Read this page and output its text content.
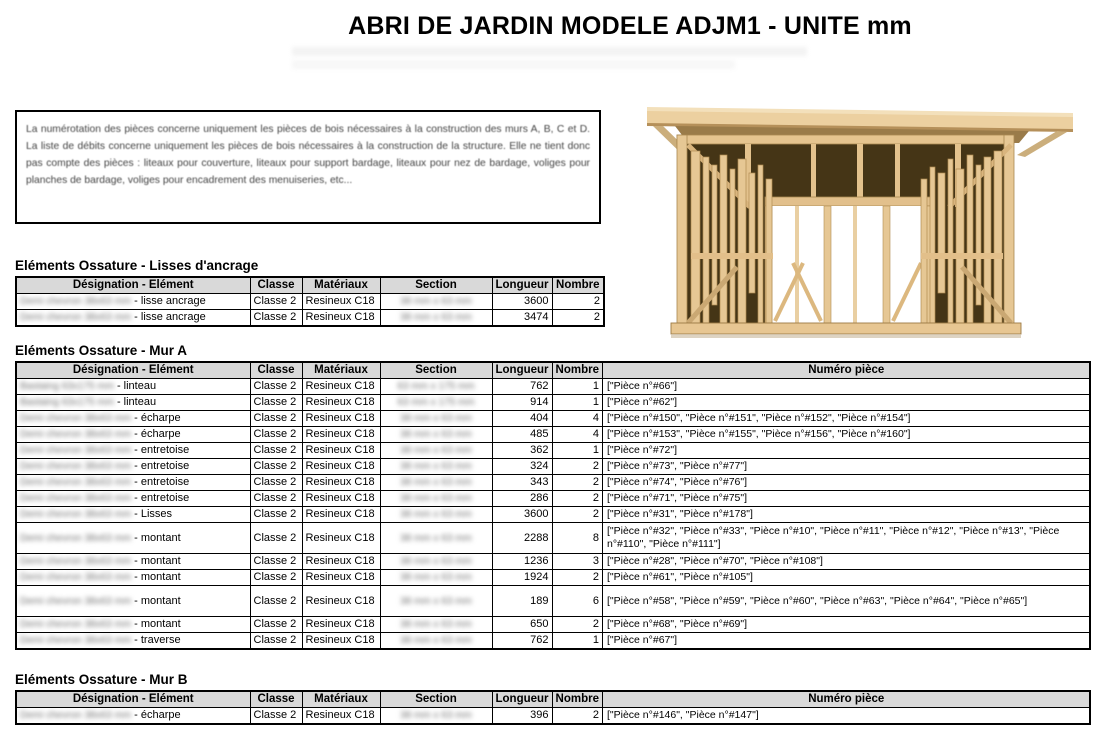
ABRI DE JARDIN MODELE ADJM1 - UNITE mm

La numérotation des pièces concerne uniquement les pièces de bois nécessaires à la construction des murs A, B, C et D. La liste de débits concerne uniquement les pièces de bois nécessaires à la construction de la structure. Elle ne tient donc pas compte des pièces : liteaux pour couverture, liteaux pour support bardage, liteaux pour nez de bardage, voliges pour planches de bardage, voliges pour encadrement des menuiseries, etc...

Eléments Ossature - Lisses d'ancrage
Désignation - Elément	Classe	Matériaux	Section	Longueur	Nombre
Demi chevron 38x63 mm - lisse ancrage	Classe 2	Resineux C18	38 mm x 63 mm	3600	2
Demi chevron 38x63 mm - lisse ancrage	Classe 2	Resineux C18	38 mm x 63 mm	3474	2
Eléments Ossature - Mur A
Désignation - Elément	Classe	Matériaux	Section	Longueur	Nombre	Numéro pièce
Bastaing 63x175 mm - linteau	Classe 2	Resineux C18	63 mm x 175 mm	762	1	["Pièce n°#66"]
Bastaing 63x175 mm - linteau	Classe 2	Resineux C18	63 mm x 175 mm	914	1	["Pièce n°#62"]
Demi chevron 38x63 mm - écharpe	Classe 2	Resineux C18	38 mm x 63 mm	404	4	["Pièce n°#150", "Pièce n°#151", "Pièce n°#152", "Pièce n°#154"]
Demi chevron 38x63 mm - écharpe	Classe 2	Resineux C18	38 mm x 63 mm	485	4	["Pièce n°#153", "Pièce n°#155", "Pièce n°#156", "Pièce n°#160"]
Demi chevron 38x63 mm - entretoise	Classe 2	Resineux C18	38 mm x 63 mm	362	1	["Pièce n°#72"]
Demi chevron 38x63 mm - entretoise	Classe 2	Resineux C18	38 mm x 63 mm	324	2	["Pièce n°#73", "Pièce n°#77"]
Demi chevron 38x63 mm - entretoise	Classe 2	Resineux C18	38 mm x 63 mm	343	2	["Pièce n°#74", "Pièce n°#76"]
Demi chevron 38x63 mm - entretoise	Classe 2	Resineux C18	38 mm x 63 mm	286	2	["Pièce n°#71", "Pièce n°#75"]
Demi chevron 38x63 mm - Lisses	Classe 2	Resineux C18	38 mm x 63 mm	3600	2	["Pièce n°#31", "Pièce n°#178"]
Demi chevron 38x63 mm - montant	Classe 2	Resineux C18	38 mm x 63 mm	2288	8	["Pièce n°#32", "Pièce n°#33", "Pièce n°#10", "Pièce n°#11", "Pièce n°#12", "Pièce n°#13", "Pièce n°#110", "Pièce n°#111"]
Demi chevron 38x63 mm - montant	Classe 2	Resineux C18	38 mm x 63 mm	1236	3	["Pièce n°#28", "Pièce n°#70", "Pièce n°#108"]
Demi chevron 38x63 mm - montant	Classe 2	Resineux C18	38 mm x 63 mm	1924	2	["Pièce n°#61", "Pièce n°#105"]
Demi chevron 38x63 mm - montant	Classe 2	Resineux C18	38 mm x 63 mm	189	6	["Pièce n°#58", "Pièce n°#59", "Pièce n°#60", "Pièce n°#63", "Pièce n°#64", "Pièce n°#65"]
Demi chevron 38x63 mm - montant	Classe 2	Resineux C18	38 mm x 63 mm	650	2	["Pièce n°#68", "Pièce n°#69"]
Demi chevron 38x63 mm - traverse	Classe 2	Resineux C18	38 mm x 63 mm	762	1	["Pièce n°#67"]
Eléments Ossature - Mur B
Désignation - Elément	Classe	Matériaux	Section	Longueur	Nombre	Numéro pièce
Demi chevron 38x63 mm - écharpe	Classe 2	Resineux C18	38 mm x 63 mm	396	2	["Pièce n°#146", "Pièce n°#147"]
